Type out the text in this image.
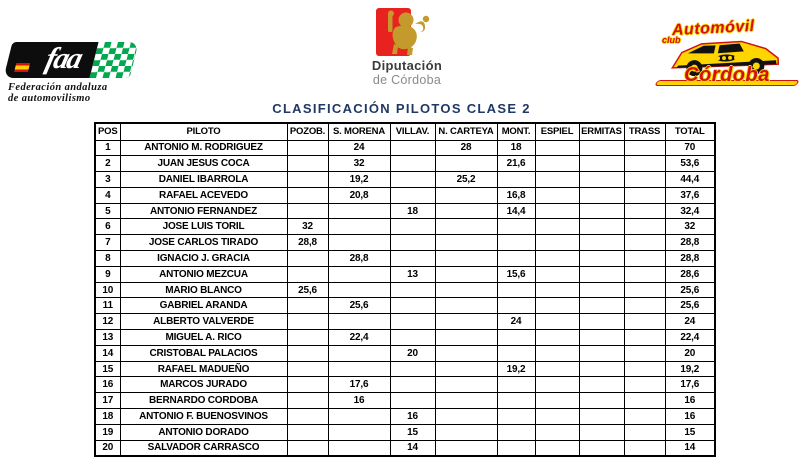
faa
Federación andaluza
de automovilismo
Diputación
de Córdoba
Automóvil
club
Córdoba
CLASIFICACIÓN PILOTOS CLASE 2
POS	PILOTO	POZOB.	S. MORENA	VILLAV.	N. CARTEYA	MONT.	ESPIEL	ERMITAS	TRASS	TOTAL
1	ANTONIO M. RODRIGUEZ		24		28	18				70
2	JUAN JESUS COCA		32			21,6				53,6
3	DANIEL IBARROLA		19,2		25,2					44,4
4	RAFAEL ACEVEDO		20,8			16,8				37,6
5	ANTONIO FERNANDEZ			18		14,4				32,4
6	JOSE LUIS TORIL	32								32
7	JOSE CARLOS TIRADO	28,8								28,8
8	IGNACIO J. GRACIA		28,8							28,8
9	ANTONIO MEZCUA			13		15,6				28,6
10	MARIO BLANCO	25,6								25,6
11	GABRIEL ARANDA		25,6							25,6
12	ALBERTO VALVERDE					24				24
13	MIGUEL A. RICO		22,4							22,4
14	CRISTOBAL PALACIOS			20						20
15	RAFAEL MADUEÑO					19,2				19,2
16	MARCOS JURADO		17,6							17,6
17	BERNARDO CORDOBA		16							16
18	ANTONIO F. BUENOSVINOS			16						16
19	ANTONIO DORADO			15						15
20	SALVADOR CARRASCO			14						14
